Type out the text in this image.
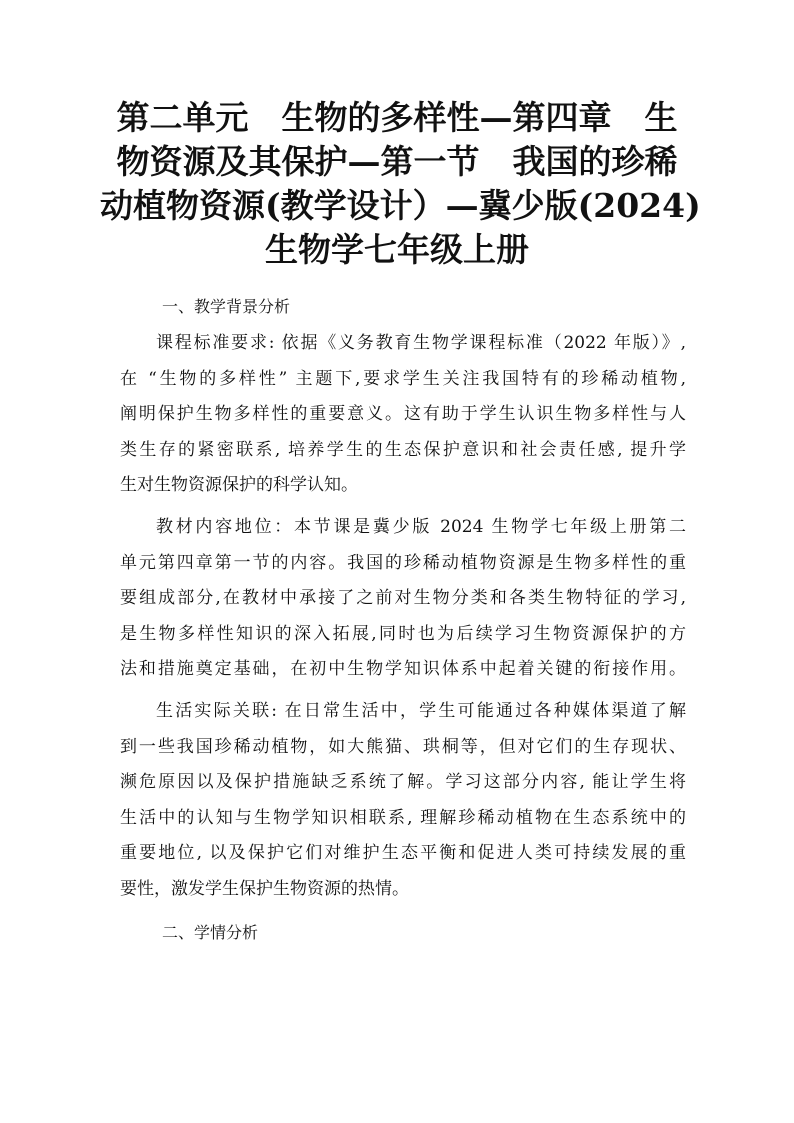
第二单元　生物的多样性—第四章　生
物资源及其保护—第一节　我国的珍稀
动植物资源(教学设计）—冀少版(2024)
生物学七年级上册

一、教学背景分析

课程标准要求: 依据《义务教育生物学课程标准（2022 年版）》,
在 “生物的多样性” 主题下,要求学生关注我国特有的珍稀动植物,
阐明保护生物多样性的重要意义。这有助于学生认识生物多样性与人
类生存的紧密联系, 培养学生的生态保护意识和社会责任感, 提升学
生对生物资源保护的科学认知。

教材内容地位：本节课是冀少版 2024 生物学七年级上册第二
单元第四章第一节的内容。我国的珍稀动植物资源是生物多样性的重
要组成部分,在教材中承接了之前对生物分类和各类生物特征的学习,
是生物多样性知识的深入拓展,同时也为后续学习生物资源保护的方
法和措施奠定基础，在初中生物学知识体系中起着关键的衔接作用。

生活实际关联: 在日常生活中，学生可能通过各种媒体渠道了解
到一些我国珍稀动植物，如大熊猫、珙桐等，但对它们的生存现状、
濒危原因以及保护措施缺乏系统了解。学习这部分内容, 能让学生将
生活中的认知与生物学知识相联系, 理解珍稀动植物在生态系统中的
重要地位, 以及保护它们对维护生态平衡和促进人类可持续发展的重
要性，激发学生保护生物资源的热情。

二、学情分析
